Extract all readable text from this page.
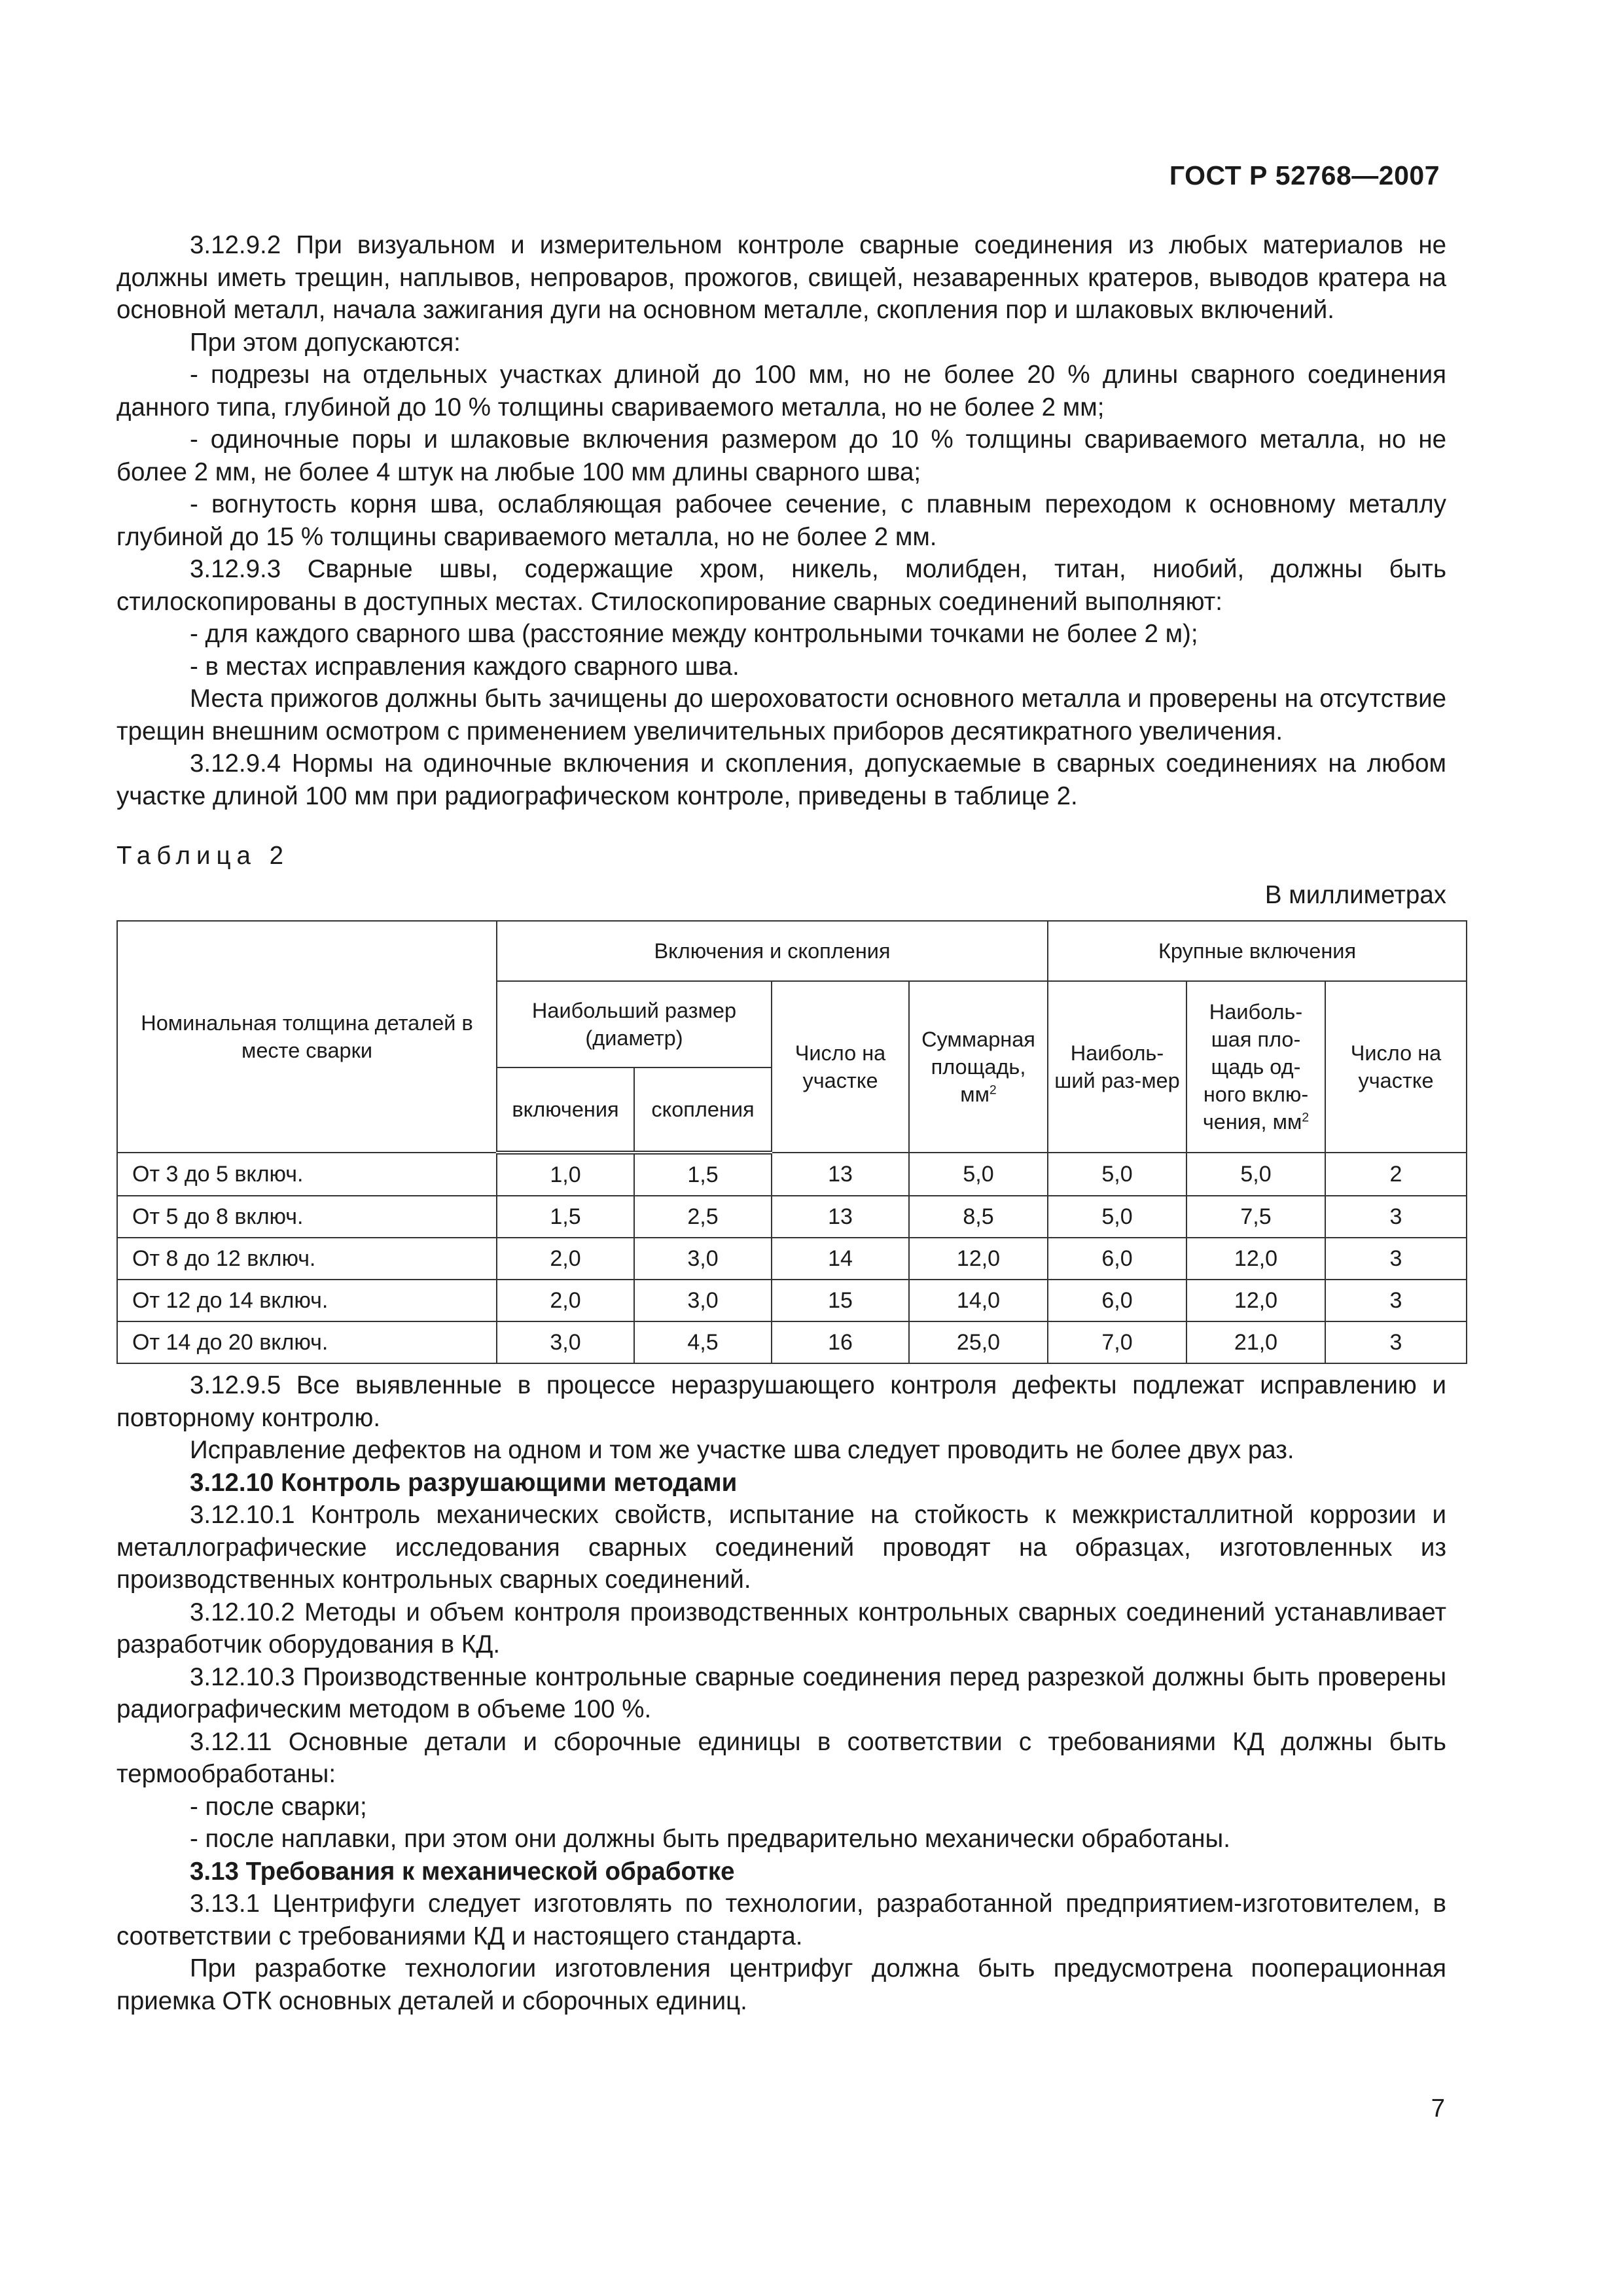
ГОСТ Р 52768—2007

3.12.9.2 При визуальном и измерительном контроле сварные соединения из любых материалов не должны иметь трещин, наплывов, непроваров, прожогов, свищей, незаваренных кратеров, выводов кратера на основной металл, начала зажигания дуги на основном металле, скопления пор и шлаковых включений.

При этом допускаются:

- подрезы на отдельных участках длиной до 100 мм, но не более 20 % длины сварного соединения данного типа, глубиной до 10 % толщины свариваемого металла, но не более 2 мм;

- одиночные поры и шлаковые включения размером до 10 % толщины свариваемого металла, но не более 2 мм, не более 4 штук на любые 100 мм длины сварного шва;

- вогнутость корня шва, ослабляющая рабочее сечение, с плавным переходом к основному металлу глубиной до 15 % толщины свариваемого металла, но не более 2 мм.

3.12.9.3 Сварные швы, содержащие хром, никель, молибден, титан, ниобий, должны быть стилоскопированы в доступных местах. Стилоскопирование сварных соединений выполняют:

- для каждого сварного шва (расстояние между контрольными точками не более 2 м);

- в местах исправления каждого сварного шва.

Места прижогов должны быть зачищены до шероховатости основного металла и проверены на отсутствие трещин внешним осмотром с применением увеличительных приборов десятикратного увеличения.

3.12.9.4 Нормы на одиночные включения и скопления, допускаемые в сварных соединениях на любом участке длиной 100 мм при радиографическом контроле, приведены в таблице 2.

Таблица 2
В миллиметрах
Номинальная толщина деталей в месте сварки	Включения и скопления				Крупные включения		
	Наибольший размер (диаметр)		Число на участке	Суммарная площадь, $мм^2$	Наиболь-ший раз-мер	Наиболь-шая пло-щадь од-ного вклю-чения, $мм^2$	Число на участке
	включения	скопления					
От 3 до 5 включ.	1,0	1,5	13	5,0	5,0	5,0	2
От 5 до 8 включ.	1,5	2,5	13	8,5	5,0	7,5	3
От 8 до 12 включ.	2,0	3,0	14	12,0	6,0	12,0	3
От 12 до 14 включ.	2,0	3,0	15	14,0	6,0	12,0	3
От 14 до 20 включ.	3,0	4,5	16	25,0	7,0	21,0	3

3.12.9.5 Все выявленные в процессе неразрушающего контроля дефекты подлежат исправлению и повторному контролю.

Исправление дефектов на одном и том же участке шва следует проводить не более двух раз.

3.12.10 Контроль разрушающими методами

3.12.10.1 Контроль механических свойств, испытание на стойкость к межкристаллитной коррозии и металлографические исследования сварных соединений проводят на образцах, изготовленных из производственных контрольных сварных соединений.

3.12.10.2 Методы и объем контроля производственных контрольных сварных соединений устанавливает разработчик оборудования в КД.

3.12.10.3 Производственные контрольные сварные соединения перед разрезкой должны быть проверены радиографическим методом в объеме 100 %.

3.12.11 Основные детали и сборочные единицы в соответствии с требованиями КД должны быть термообработаны:

- после сварки;

- после наплавки, при этом они должны быть предварительно механически обработаны.

3.13 Требования к механической обработке

3.13.1 Центрифуги следует изготовлять по технологии, разработанной предприятием-изготовителем, в соответствии с требованиями КД и настоящего стандарта.

При разработке технологии изготовления центрифуг должна быть предусмотрена пооперационная приемка ОТК основных деталей и сборочных единиц.

7
